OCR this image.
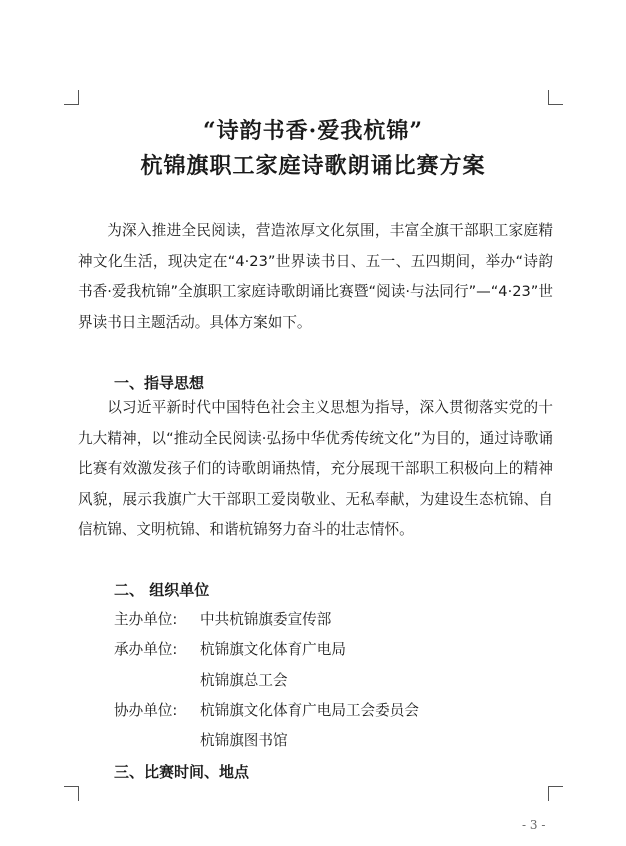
“诗韵书香·爱我杭锦”
杭锦旗职工家庭诗歌朗诵比赛方案
为深入推进全民阅读，营造浓厚文化氛围，丰富全旗干部职工家庭精神文化生活，现决定在“4·23”世界读书日、五一、五四期间，举办“诗韵书香·爱我杭锦”全旗职工家庭诗歌朗诵比赛暨“阅读·与法同行”—“4·23”世界读书日主题活动。具体方案如下。
一、指导思想
以习近平新时代中国特色社会主义思想为指导，深入贯彻落实党的十九大精神，以“推动全民阅读·弘扬中华优秀传统文化”为目的，通过诗歌诵比赛有效激发孩子们的诗歌朗诵热情，充分展现干部职工积极向上的精神风貌，展示我旗广大干部职工爱岗敬业、无私奉献，为建设生态杭锦、自信杭锦、文明杭锦、和谐杭锦努力奋斗的壮志情怀。
二、 组织单位
主办单位: 中共杭锦旗委宣传部
承办单位: 杭锦旗文化体育广电局
杭锦旗总工会
协办单位: 杭锦旗文化体育广电局工会委员会
杭锦旗图书馆
三、比赛时间、地点
- 3 -
